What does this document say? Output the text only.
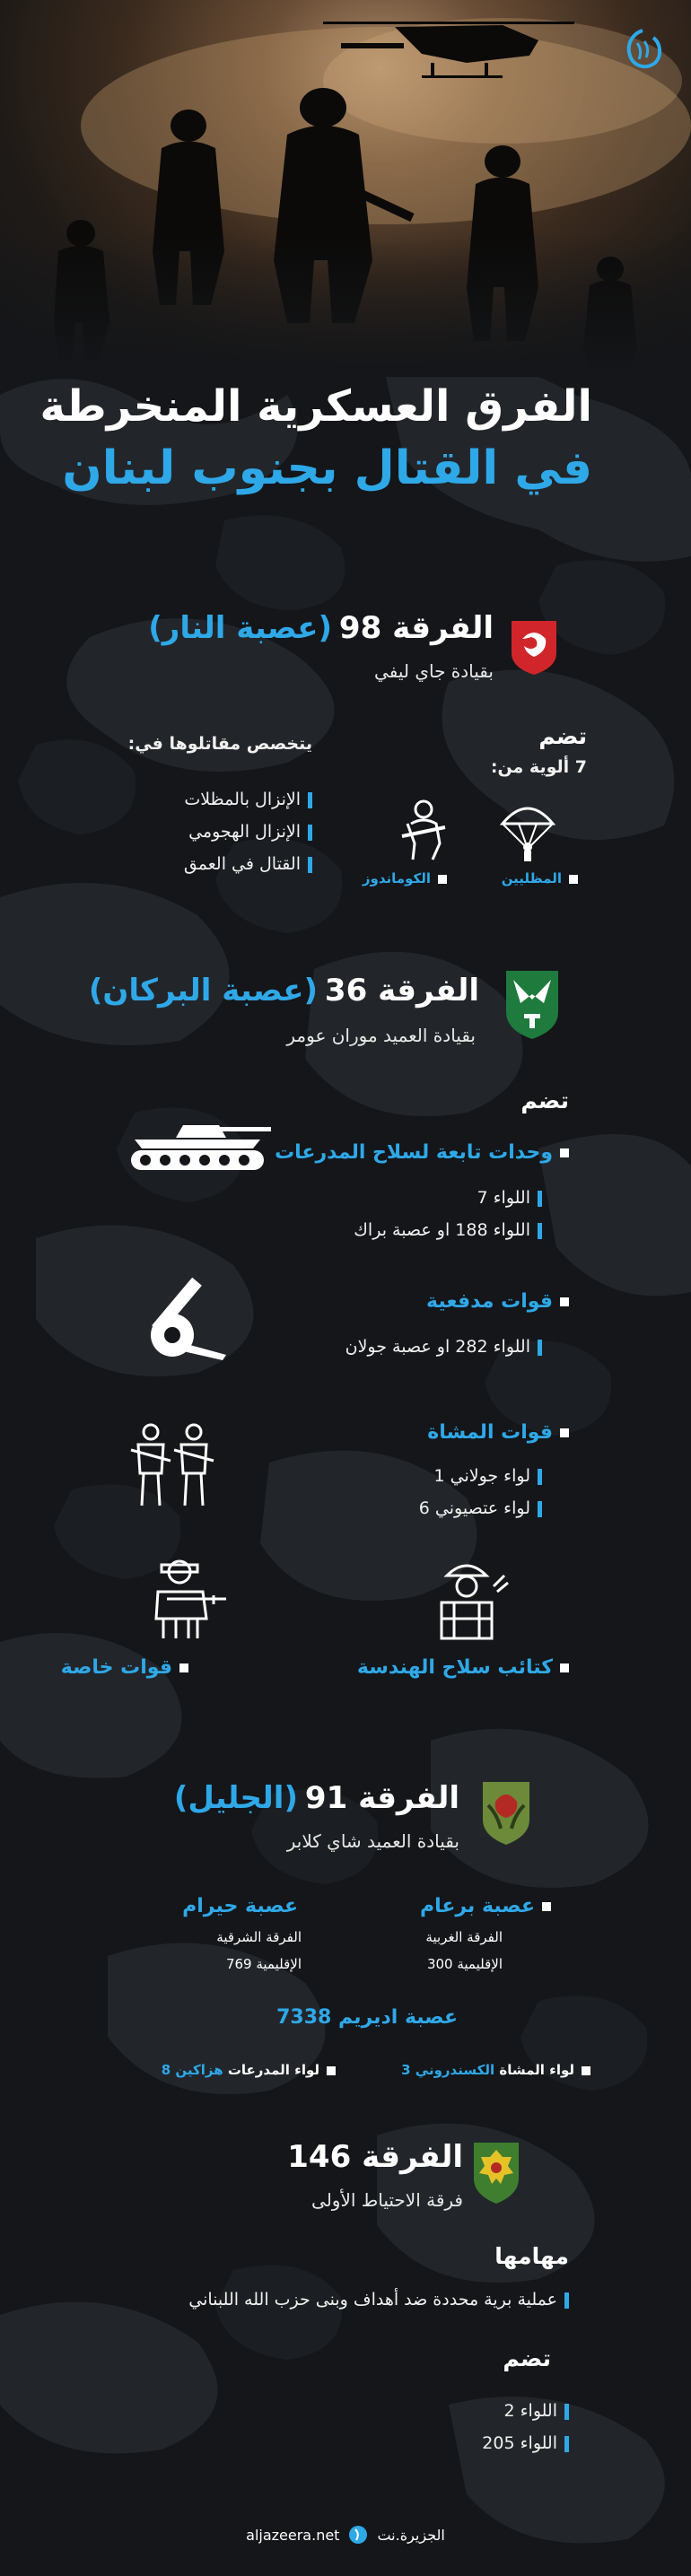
الفرق العسكرية المنخرطة
في القتال بجنوب لبنان
الفرقة 98
(عصبة النار)
بقيادة جاي ليفي
تضم
7 ألوية من:
يتخصص مقاتلوها في:
الإنزال بالمظلات
الإنزال الهجومي
القتال في العمق
المظليين
الكوماندوز
الفرقة 36
(عصبة البركان)
بقيادة العميد موران عومر
تضم
وحدات تابعة لسلاح المدرعات
اللواء 7
اللواء 188 او عصبة براك
قوات مدفعية
اللواء 282 او عصبة جولان
قوات المشاة
لواء جولاني 1
لواء عتصيوني 6
قوات خاصة	كتائب سلاح الهندسة
الفرقة 91
(الجليل)
بقيادة العميد شاي كلابر
عصبة برعام
الفرقة الغربية
الإقليمية 300
عصبة حيرام
الفرقة الشرقية
الإقليمية 769
عصبة اديريم 7338
لواء المشاة الكسندروني 3
لواء المدرعات هزاكين 8
الفرقة 146
فرقة الاحتياط الأولى
مهامها
عملية برية محددة ضد أهداف وبنى حزب الله اللبناني
تضم
اللواء 2
اللواء 205
aljazeera.net	الجزيرة.نت
